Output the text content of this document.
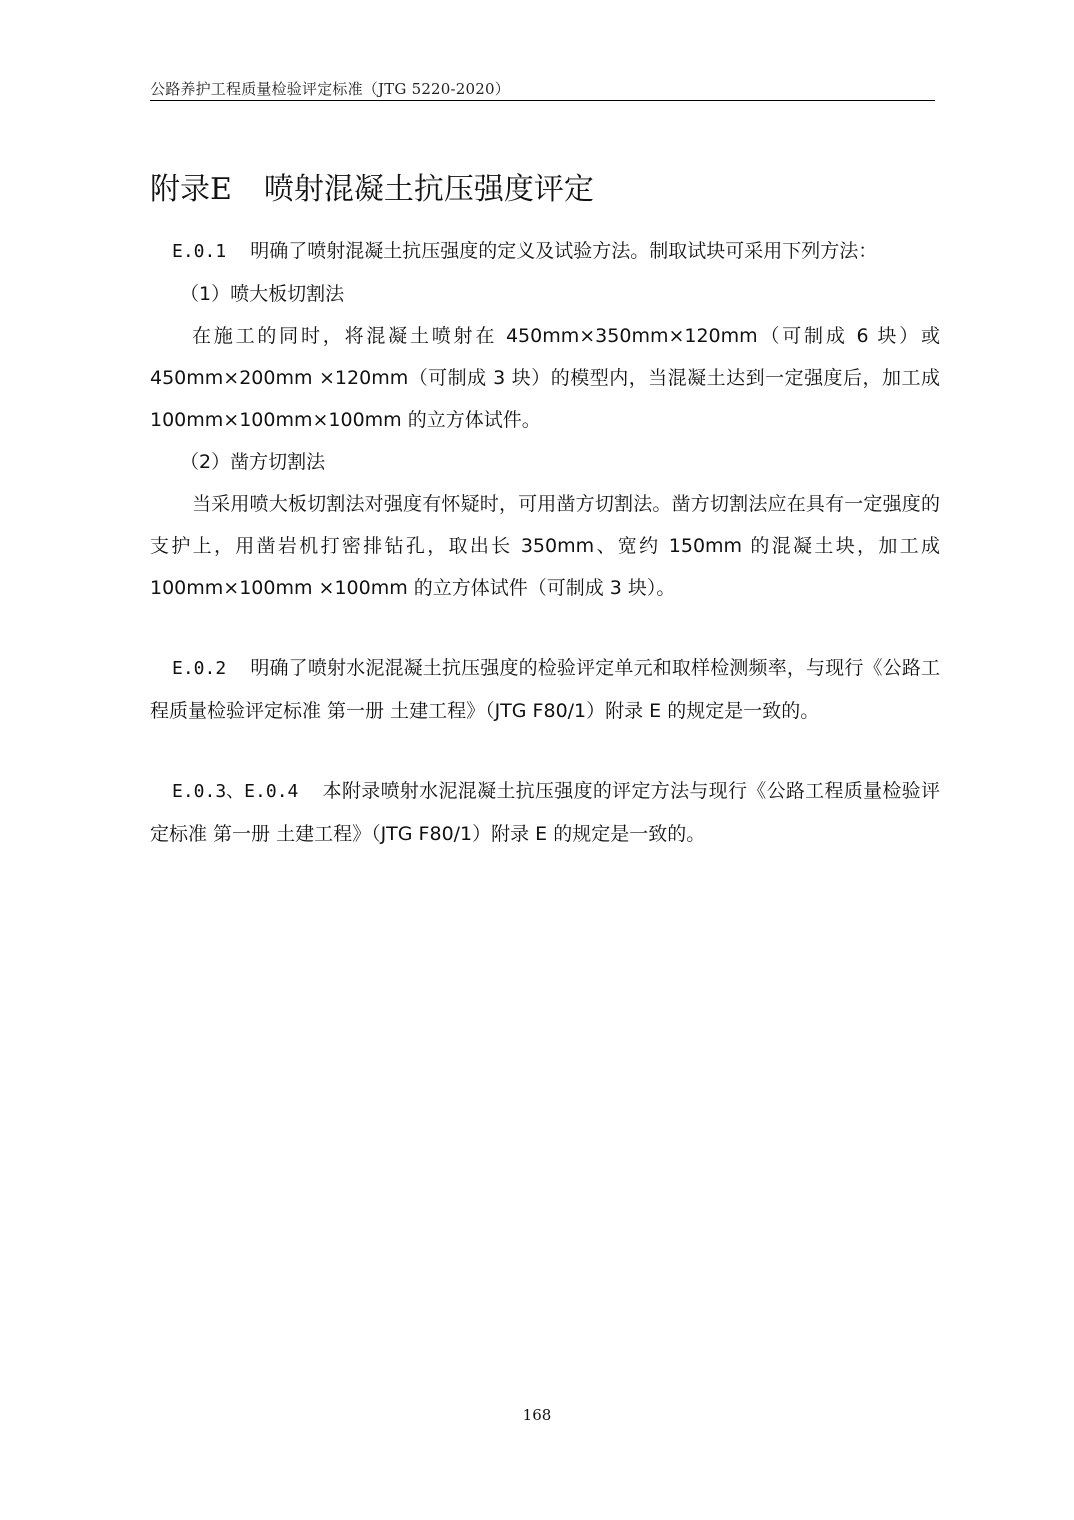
公路养护工程质量检验评定标准（JTG 5220-2020）
附录E 喷射混凝土抗压强度评定

E.0.1 明确了喷射混凝土抗压强度的定义及试验方法。制取试块可采用下列方法：

（1）喷大板切割法

在施工的同时，将混凝土喷射在 450mm×350mm×120mm（可制成 6 块）或450mm×200mm ×120mm（可制成 3 块）的模型内，当混凝土达到一定强度后，加工成 100mm×100mm×100mm 的立方体试件。

（2）凿方切割法

当采用喷大板切割法对强度有怀疑时，可用凿方切割法。凿方切割法应在具有一定强度的支护上，用凿岩机打密排钻孔，取出长 350mm、宽约 150mm 的混凝土块，加工成 100mm×100mm ×100mm 的立方体试件（可制成 3 块）。

E.0.2 明确了喷射水泥混凝土抗压强度的检验评定单元和取样检测频率，与现行《公路工程质量检验评定标准 第一册 土建工程》（JTG F80/1）附录 E 的规定是一致的。

E.0.3、E.0.4 本附录喷射水泥混凝土抗压强度的评定方法与现行《公路工程质量检验评定标准 第一册 土建工程》（JTG F80/1）附录 E 的规定是一致的。

168
